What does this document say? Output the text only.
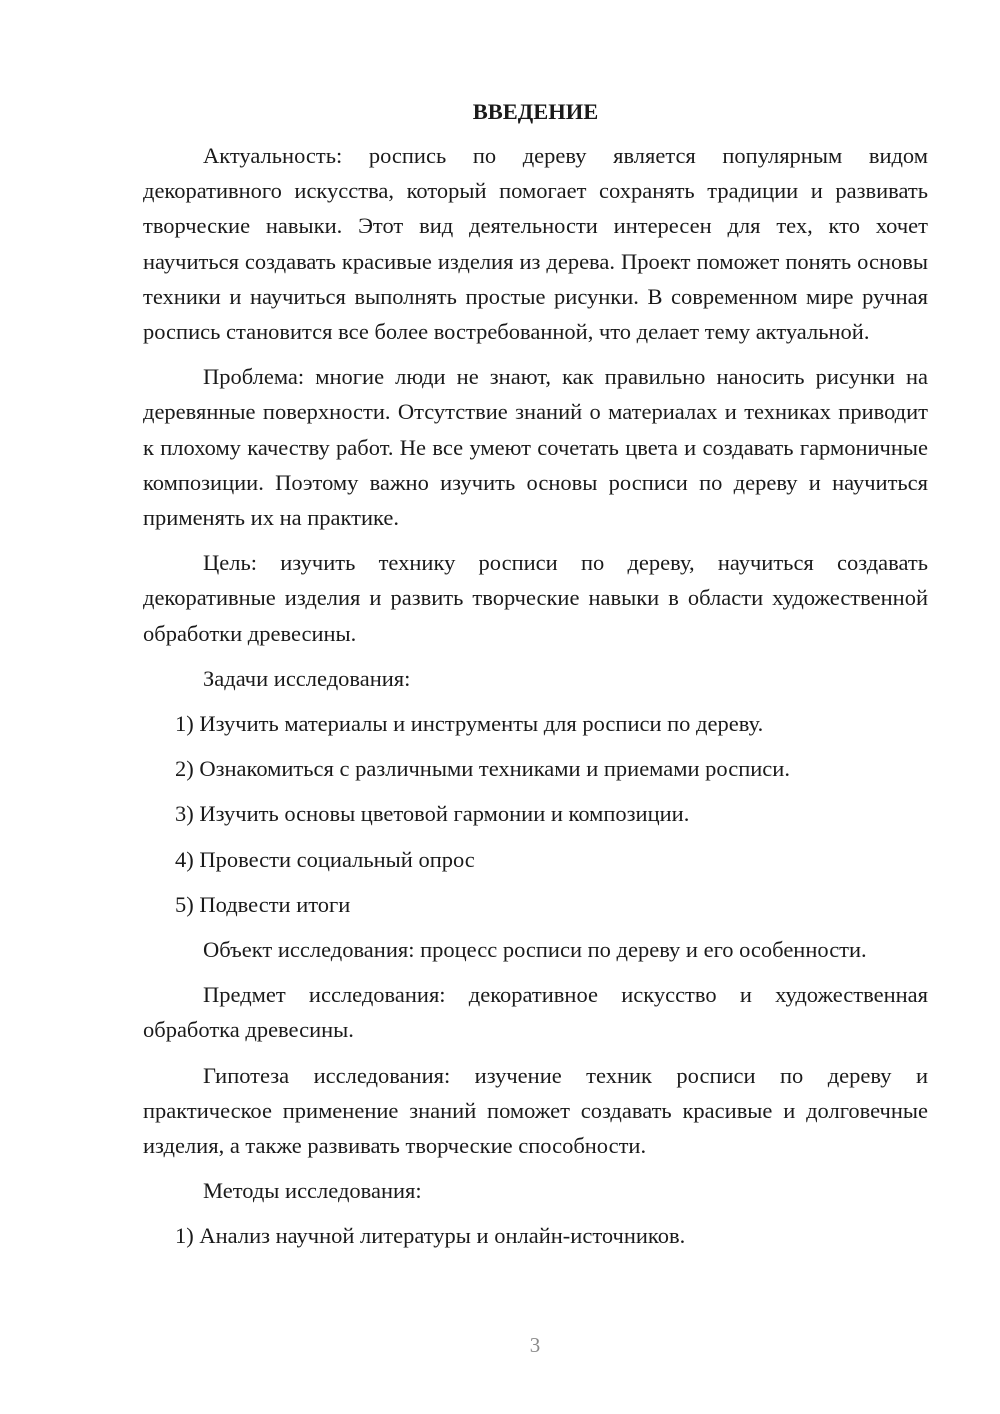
ВВЕДЕНИЕ

Актуальность: роспись по дереву является популярным видом декоративного искусства, который помогает сохранять традиции и развивать творческие навыки. Этот вид деятельности интересен для тех, кто хочет научиться создавать красивые изделия из дерева. Проект поможет понять основы техники и научиться выполнять простые рисунки. В современном мире ручная роспись становится все более востребованной, что делает тему актуальной.

Проблема: многие люди не знают, как правильно наносить рисунки на деревянные поверхности. Отсутствие знаний о материалах и техниках приводит к плохому качеству работ. Не все умеют сочетать цвета и создавать гармоничные композиции. Поэтому важно изучить основы росписи по дереву и научиться применять их на практике.

Цель: изучить технику росписи по дереву, научиться создавать декоративные изделия и развить творческие навыки в области художественной обработки древесины.

Задачи исследования:

1) Изучить материалы и инструменты для росписи по дереву.

2) Ознакомиться с различными техниками и приемами росписи.

3) Изучить основы цветовой гармонии и композиции.

4) Провести социальный опрос

5) Подвести итоги

Объект исследования: процесс росписи по дереву и его особенности.

Предмет исследования: декоративное искусство и художественная обработка древесины.

Гипотеза исследования: изучение техник росписи по дереву и практическое применение знаний поможет создавать красивые и долговечные изделия, а также развивать творческие способности.

Методы исследования:

1) Анализ научной литературы и онлайн-источников.

3
